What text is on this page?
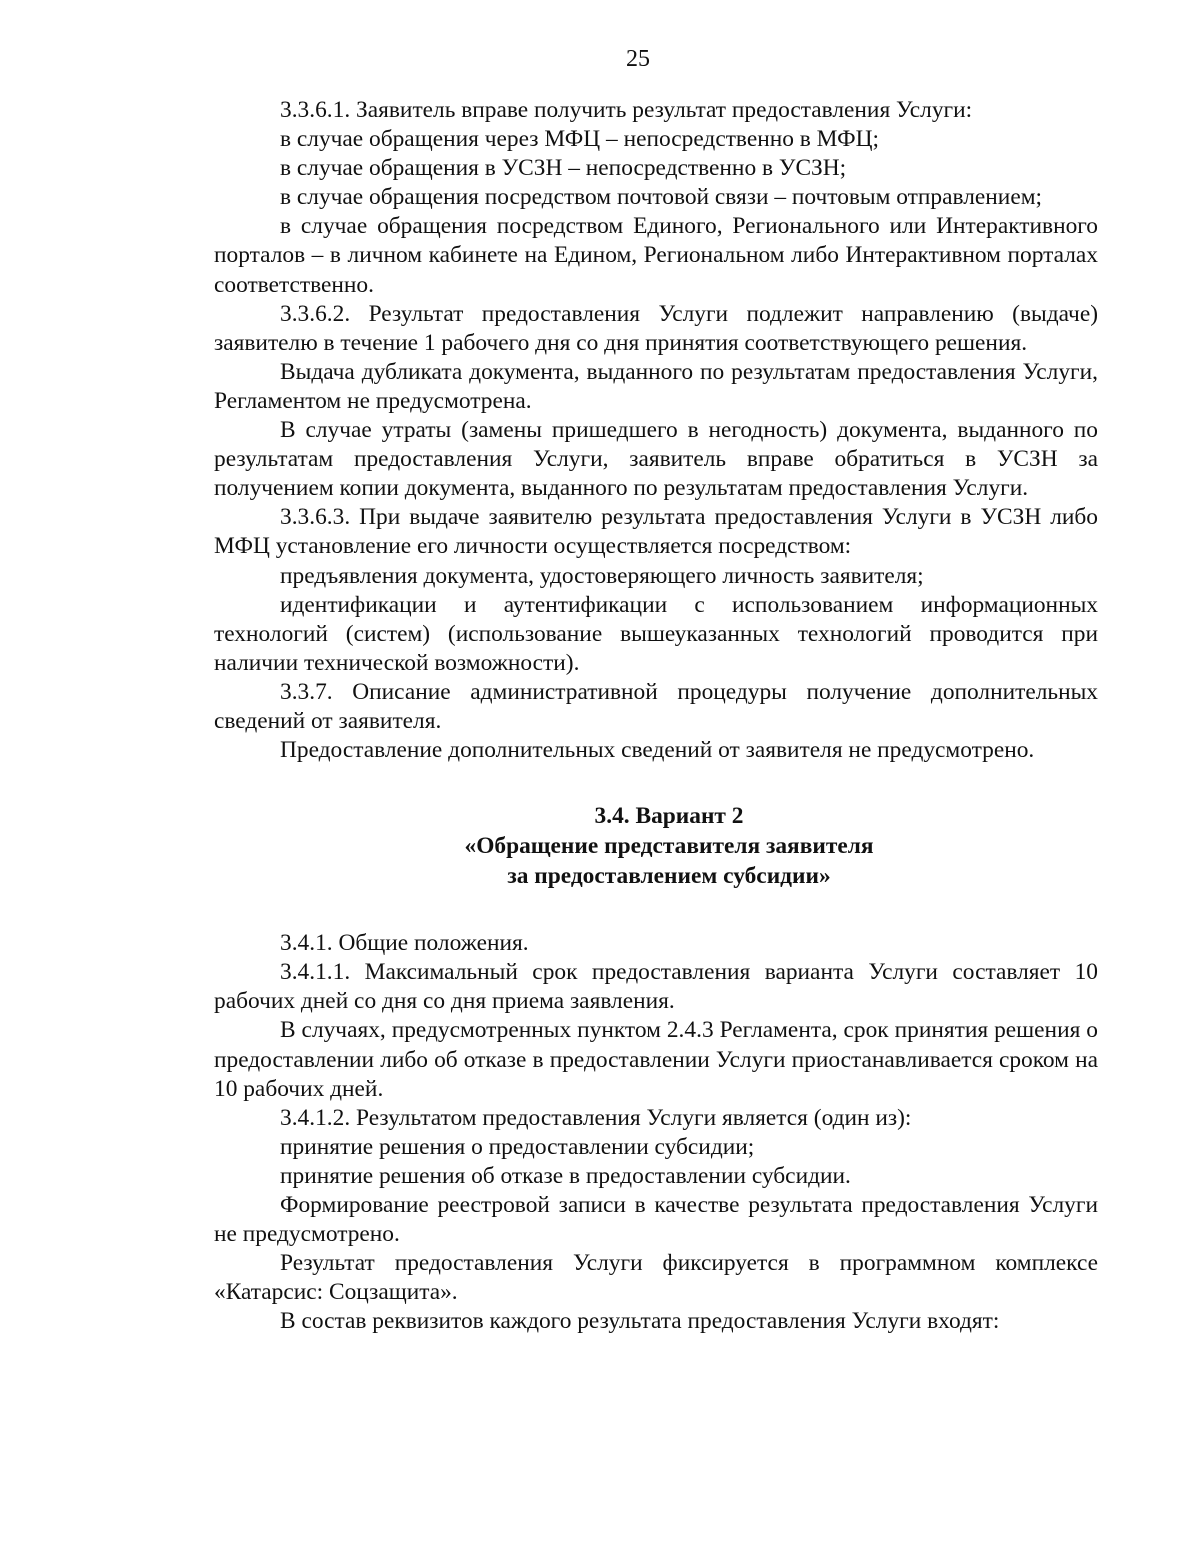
25

3.3.6.1. Заявитель вправе получить результат предоставления Услуги:

в случае обращения через МФЦ – непосредственно в МФЦ;

в случае обращения в УСЗН – непосредственно в УСЗН;

в случае обращения посредством почтовой связи – почтовым отправлением;

в случае обращения посредством Единого, Регионального или Интерактивного порталов – в личном кабинете на Едином, Региональном либо Интерактивном порталах соответственно.

3.3.6.2. Результат предоставления Услуги подлежит направлению (выдаче) заявителю в течение 1 рабочего дня со дня принятия соответствующего решения.

Выдача дубликата документа, выданного по результатам предоставления Услуги, Регламентом не предусмотрена.

В случае утраты (замены пришедшего в негодность) документа, выданного по результатам предоставления Услуги, заявитель вправе обратиться в УСЗН за получением копии документа, выданного по результатам предоставления Услуги.

3.3.6.3. При выдаче заявителю результата предоставления Услуги в УСЗН либо МФЦ установление его личности осуществляется посредством:

предъявления документа, удостоверяющего личность заявителя;

идентификации и аутентификации с использованием информационных технологий (систем) (использование вышеуказанных технологий проводится при наличии технической возможности).

3.3.7. Описание административной процедуры получение дополнительных сведений от заявителя.

Предоставление дополнительных сведений от заявителя не предусмотрено.

3.4. Вариант 2
«Обращение представителя заявителя
за предоставлением субсидии»

3.4.1. Общие положения.

3.4.1.1. Максимальный срок предоставления варианта Услуги составляет 10 рабочих дней со дня со дня приема заявления.

В случаях, предусмотренных пунктом 2.4.3 Регламента, срок принятия решения о предоставлении либо об отказе в предоставлении Услуги приостанавливается сроком на 10 рабочих дней.

3.4.1.2. Результатом предоставления Услуги является (один из):

принятие решения о предоставлении субсидии;

принятие решения об отказе в предоставлении субсидии.

Формирование реестровой записи в качестве результата предоставления Услуги не предусмотрено.

Результат предоставления Услуги фиксируется в программном комплексе «Катарсис: Соцзащита».

В состав реквизитов каждого результата предоставления Услуги входят:
